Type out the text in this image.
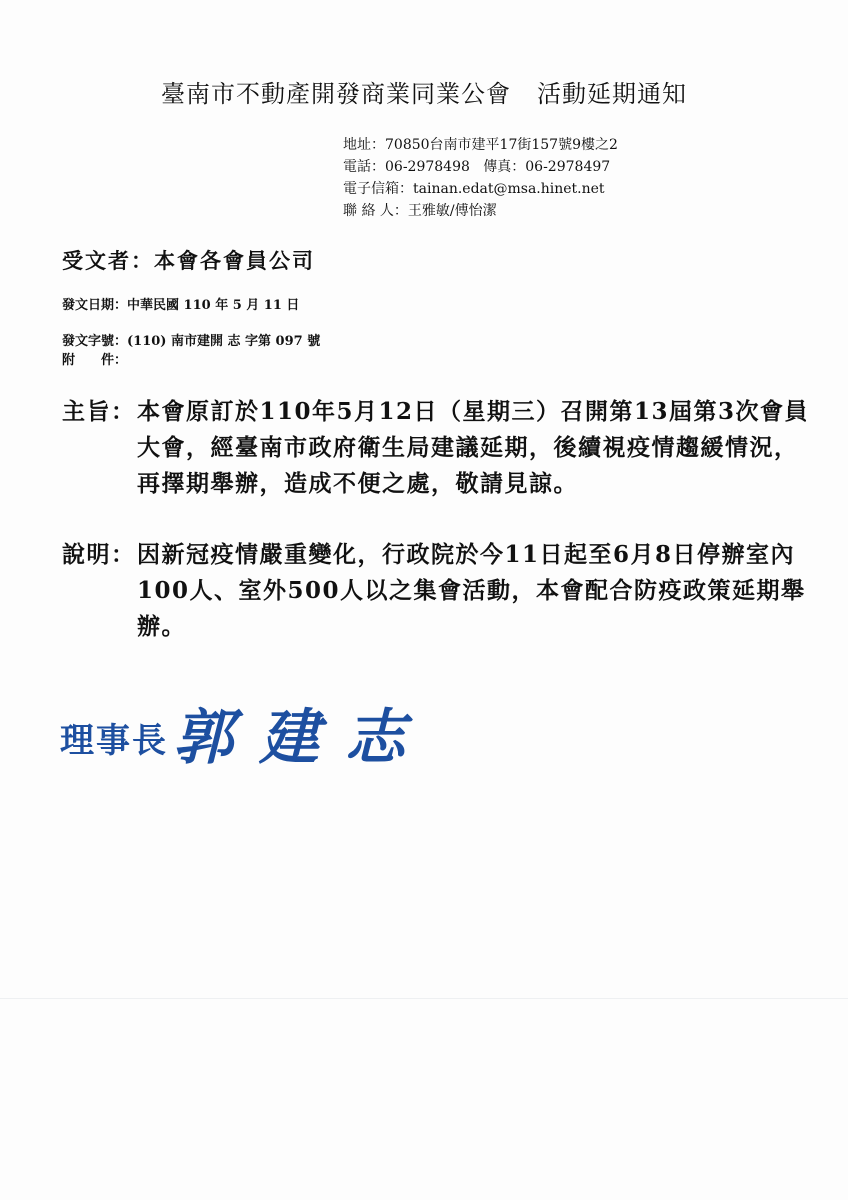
臺南市不動產開發商業同業公會 活動延期通知
地址：70850台南市建平17街157號9樓之2
電話：06-2978498 傳真：06-2978497
電子信箱：tainan.edat@msa.hinet.net
聯 絡 人：王雅敏/傅怡潔
受文者：本會各會員公司
發文日期：中華民國 110 年 5 月 11 日
發文字號：(110) 南市建開 志 字第 097 號
附　　件：
主旨： 本會原訂於110年5月12日（星期三）召開第13屆第3次會員大會，經臺南市政府衛生局建議延期，後續視疫情趨緩情況，再擇期舉辦，造成不便之處，敬請見諒。
說明： 因新冠疫情嚴重變化，行政院於今11日起至6月8日停辦室內100人、室外500人以之集會活動，本會配合防疫政策延期舉辦。
理事長 郭建志
